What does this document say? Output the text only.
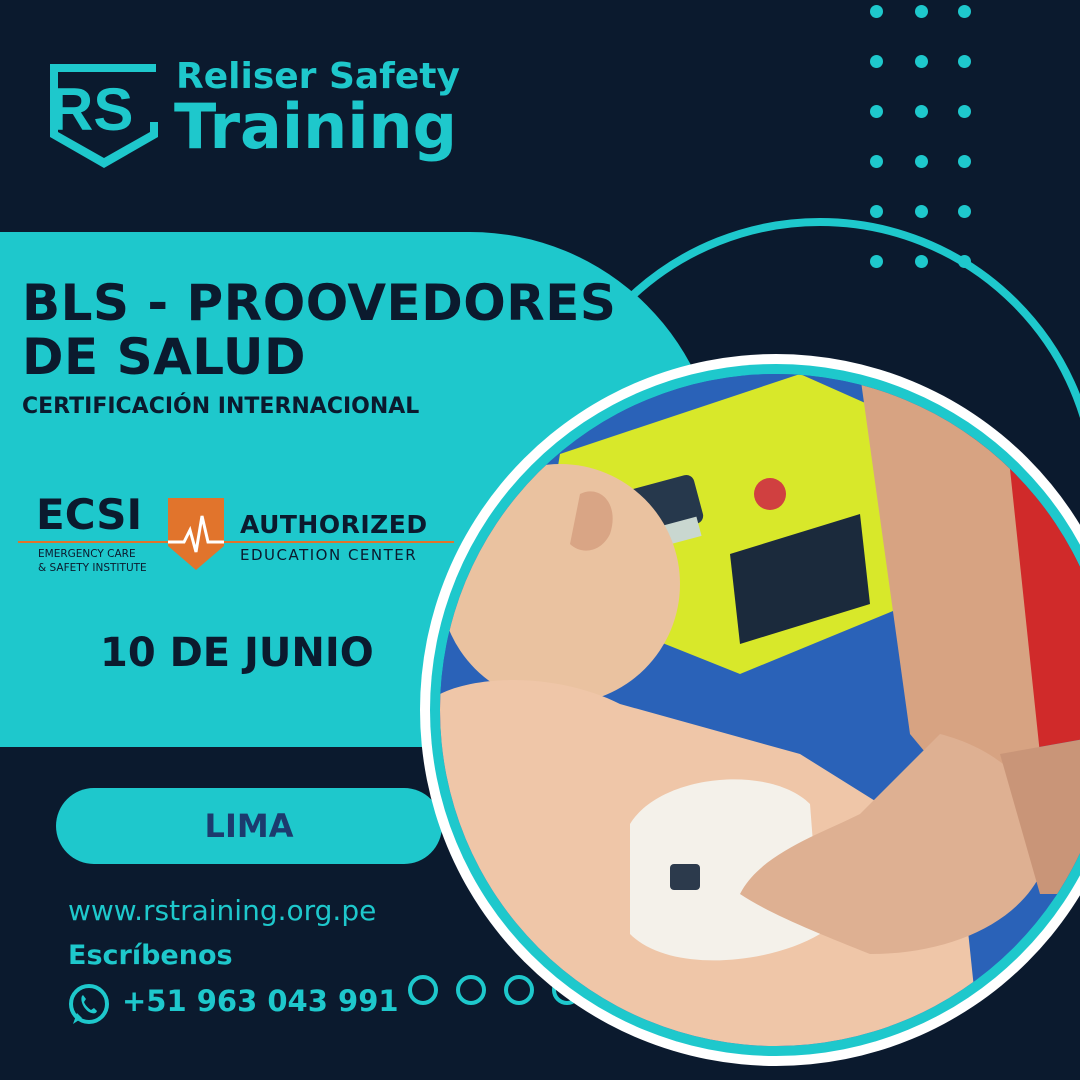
RS Reliser Safety
Training
BLS - PROOVEDORES DE SALUD
CERTIFICACIÓN INTERNACIONAL
ECSI
EMERGENCY CARE
& SAFETY INSTITUTE
AUTHORIZED
EDUCATION CENTER
10 DE JUNIO
LIMA
www.rstraining.org.pe
Escríbenos
+51 963 043 991
